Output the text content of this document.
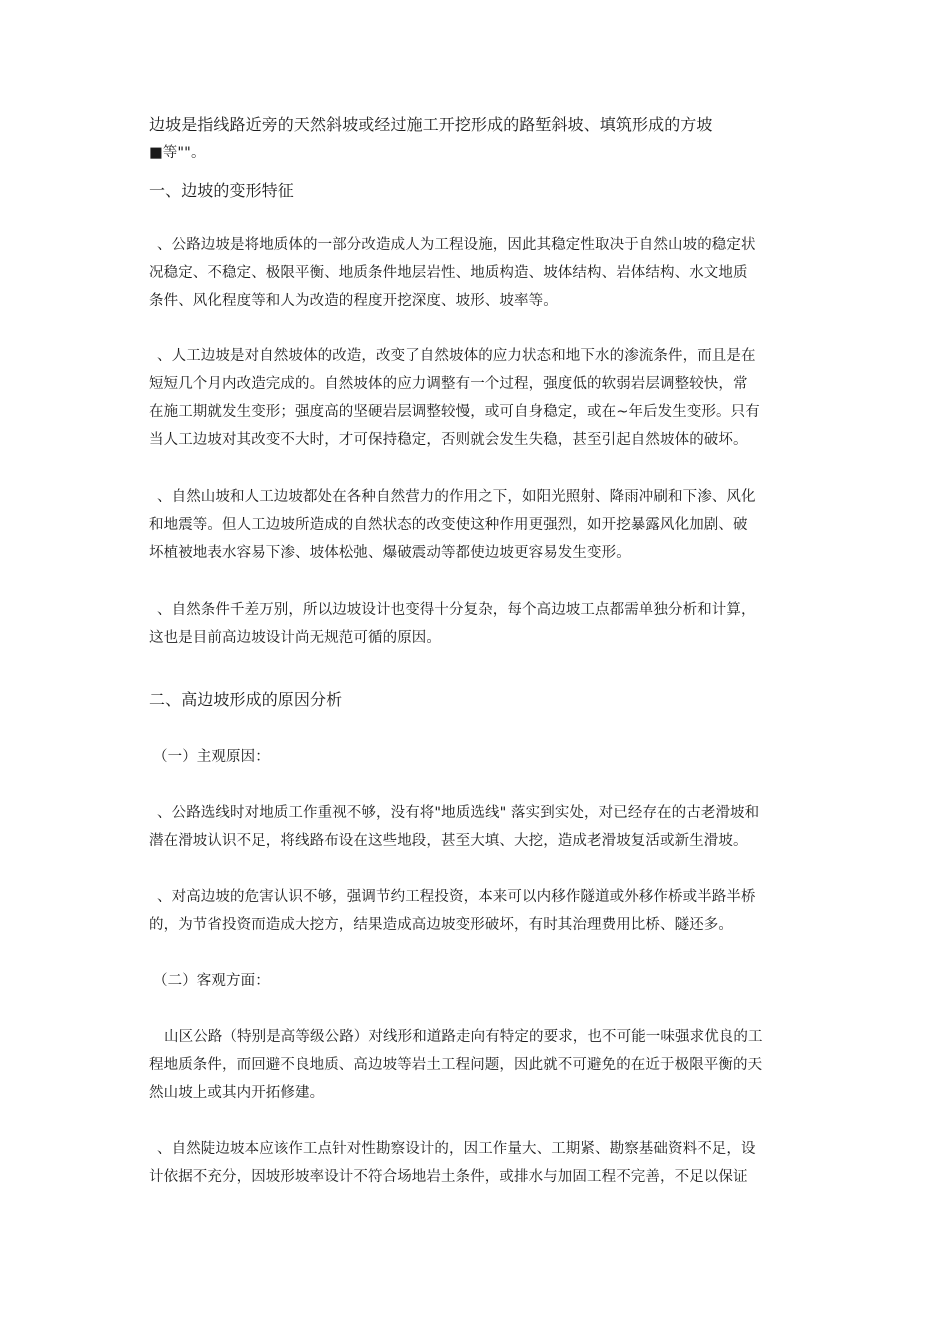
边坡是指线路近旁的天然斜坡或经过施工开挖形成的路堑斜坡、填筑形成的方坡
■等""。
一、边坡的变形特征
、公路边坡是将地质体的一部分改造成人为工程设施，因此其稳定性取决于自然山坡的稳定状
况稳定、不稳定、极限平衡、地质条件地层岩性、地质构造、坡体结构、岩体结构、水文地质
条件、风化程度等和人为改造的程度开挖深度、坡形、坡率等。
、人工边坡是对自然坡体的改造，改变了自然坡体的应力状态和地下水的渗流条件，而且是在
短短几个月内改造完成的。自然坡体的应力调整有一个过程，强度低的软弱岩层调整较快，常
在施工期就发生变形；强度高的坚硬岩层调整较慢，或可自身稳定，或在~年后发生变形。只有
当人工边坡对其改变不大时，才可保持稳定，否则就会发生失稳，甚至引起自然坡体的破坏。
、自然山坡和人工边坡都处在各种自然营力的作用之下，如阳光照射、降雨冲刷和下渗、风化
和地震等。但人工边坡所造成的自然状态的改变使这种作用更强烈，如开挖暴露风化加剧、破
坏植被地表水容易下渗、坡体松弛、爆破震动等都使边坡更容易发生变形。
、自然条件千差万别，所以边坡设计也变得十分复杂，每个高边坡工点都需单独分析和计算，
这也是目前高边坡设计尚无规范可循的原因。
二、高边坡形成的原因分析
（一）主观原因：
、公路选线时对地质工作重视不够，没有将"地质选线" 落实到实处，对已经存在的古老滑坡和
潜在滑坡认识不足，将线路布设在这些地段，甚至大填、大挖，造成老滑坡复活或新生滑坡。
、对高边坡的危害认识不够，强调节约工程投资，本来可以内移作隧道或外移作桥或半路半桥
的，为节省投资而造成大挖方，结果造成高边坡变形破坏，有时其治理费用比桥、隧还多。
（二）客观方面：
山区公路（特别是高等级公路）对线形和道路走向有特定的要求，也不可能一味强求优良的工
程地质条件，而回避不良地质、高边坡等岩土工程问题，因此就不可避免的在近于极限平衡的天
然山坡上或其内开拓修建。
、自然陡边坡本应该作工点针对性勘察设计的，因工作量大、工期紧、勘察基础资料不足，设
计依据不充分，因坡形坡率设计不符合场地岩土条件，或排水与加固工程不完善，不足以保证
